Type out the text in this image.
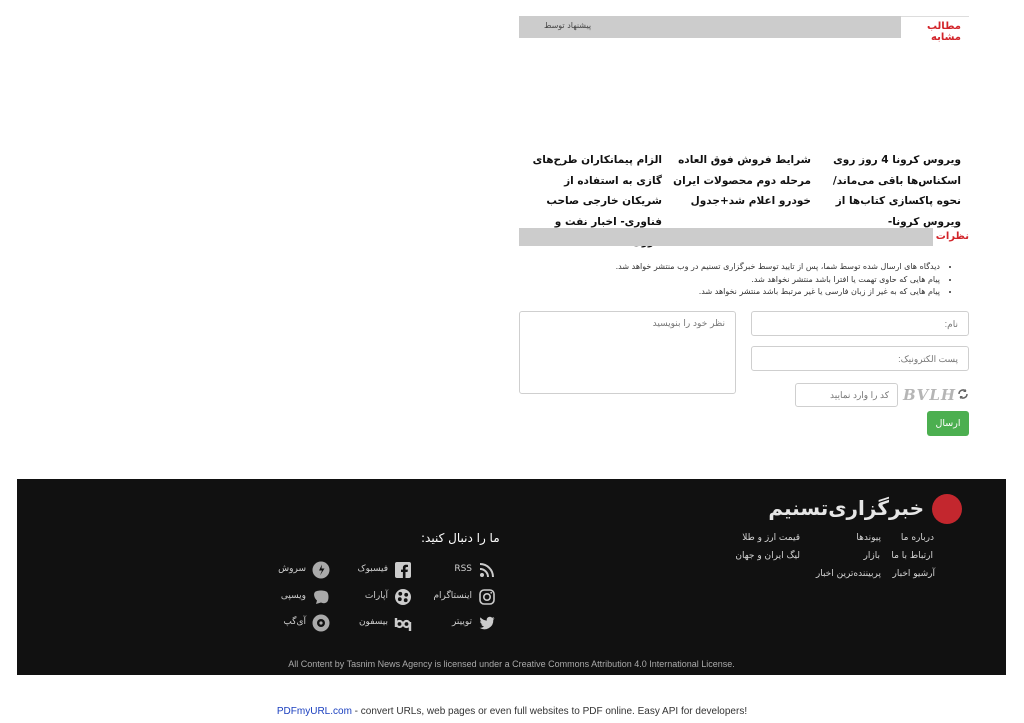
پیشنهاد توسط	مطالب مشابه
ویروس کرونا 4 روز روی اسکناس‌ها باقی می‌ماند/ نحوه پاکسازی کتاب‌ها از ویروس کرونا-
شرایط فروش فوق العاده مرحله دوم محصولات ایران خودرو اعلام شد+جدول
الزام پیمانکاران طرح‌های گازی به استفاده از شریکان خارجی صاحب فناوری- اخبار نفت و
نظرات
• دیدگاه های ارسال شده توسط شما، پس از تایید توسط خبرگزاری تسنیم در وب منتشر خواهد شد.
• پیام هایی که حاوی تهمت یا افترا باشد منتشر نخواهد شد.
• پیام هایی که به غیر از زبان فارسی یا غیر مرتبط باشد منتشر نخواهد شد.
نام:
پست الکترونیک:
نظر خود را بنویسید
کد را وارد نمایید
BVLH
ارسال
خبرگزاری‌تسنیم
درباره ما
ارتباط با ما
آرشیو اخبار
پیوندها
بازار
پربیننده‌ترین اخبار
قیمت ارز و طلا
لیگ ایران و جهان
ما را دنبال کنید:
RSS
فیسبوک
سروش
اینستاگرام
آپارات
ویسپی
توییتر
بیسفون
آی‌گپ
All Content by Tasnim News Agency is licensed under a Creative Commons Attribution 4.0 International License.
PDFmyURL.com - convert URLs, web pages or even full websites to PDF online. Easy API for developers!
